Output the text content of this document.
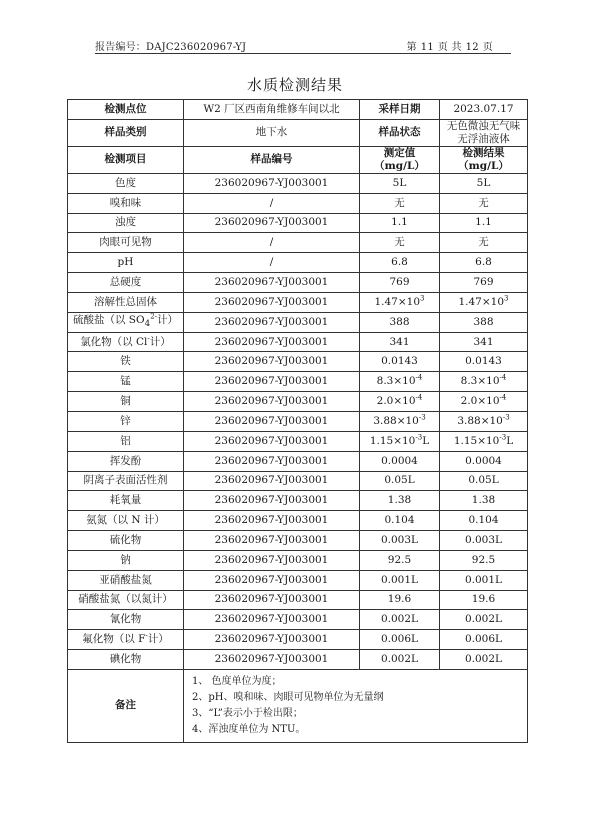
报告编号：DAJC236020967-YJ	第 11 页 共 12 页
水质检测结果
检测点位	W2 厂区西南角维修车间以北	采样日期	2023.07.17
样品类别	地下水	样品状态	无色微浊无气味无浮油液体
检测项目	样品编号	测定值（mg/L）	检测结果（mg/L）
色度	236020967-YJ003001	5L	5L
嗅和味	/	无	无
浊度	236020967-YJ003001	1.1	1.1
肉眼可见物	/	无	无
pH	/	6.8	6.8
总硬度	236020967-YJ003001	769	769
溶解性总固体	236020967-YJ003001	$1.47\times 10^3$	$1.47\times 10^3$
硫酸盐（以 $SO_4^{2-}$计）	236020967-YJ003001	388	388
氯化物（以 Cl-计）	236020967-YJ003001	341	341
铁	236020967-YJ003001	0.0143	0.0143
锰	236020967-YJ003001	$8.3\times 10^{-4}$	$8.3\times 10^{-4}$
铜	236020967-YJ003001	$2.0\times 10^{-4}$	$2.0\times 10^{-4}$
锌	236020967-YJ003001	$3.88\times 10^{-3}$	$3.88\times 10^{-3}$
铝	236020967-YJ003001	$1.15\times 10^{-3}L$	$1.15\times 10^{-3}L$
挥发酚	236020967-YJ003001	0.0004	0.0004
阴离子表面活性剂	236020967-YJ003001	0.05L	0.05L
耗氧量	236020967-YJ003001	1.38	1.38
氨氮（以 N 计）	236020967-YJ003001	0.104	0.104
硫化物	236020967-YJ003001	0.003L	0.003L
钠	236020967-YJ003001	92.5	92.5
亚硝酸盐氮	236020967-YJ003001	0.001L	0.001L
硝酸盐氮（以氮计）	236020967-YJ003001	19.6	19.6
氰化物	236020967-YJ003001	0.002L	0.002L
氟化物（以 F-计）	236020967-YJ003001	0.006L	0.006L
碘化物	236020967-YJ003001	0.002L	0.002L
备注	1、 色度单位为度；
2、pH、嗅和味、肉眼可见物单位为无量纲
3、“L”表示小于检出限；
4、浑浊度单位为 NTU。		
